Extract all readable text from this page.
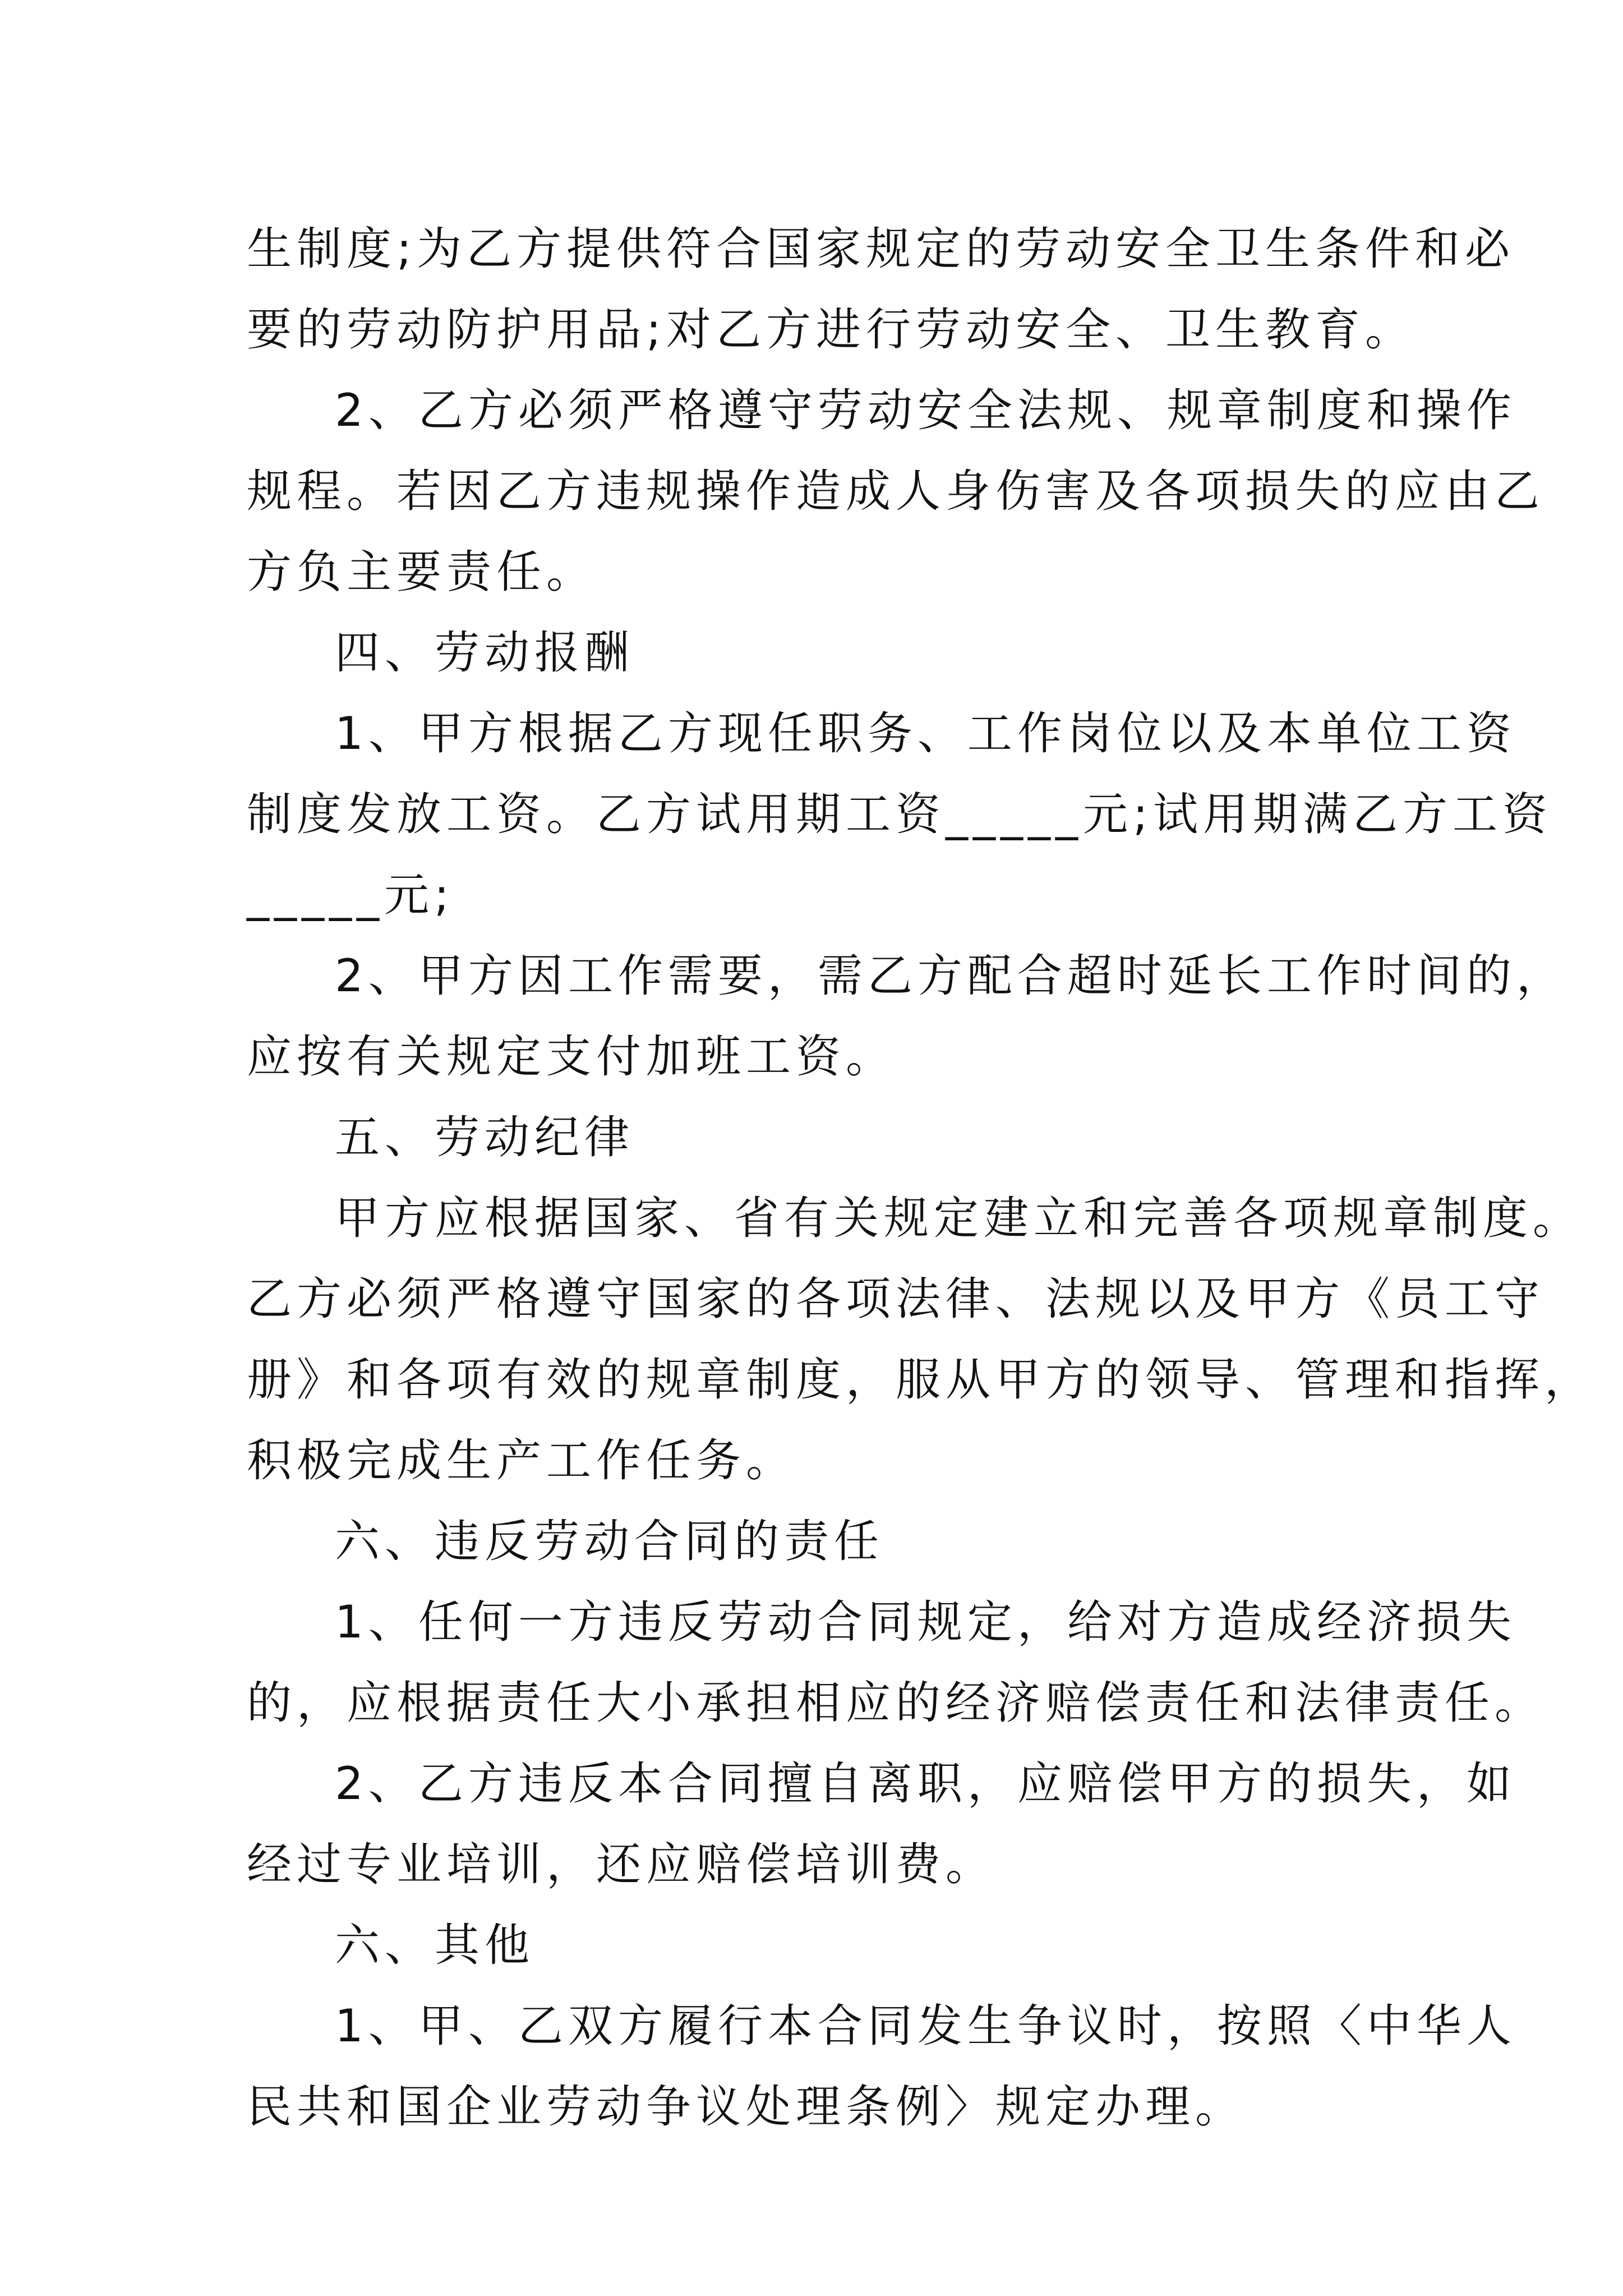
生制度;为乙方提供符合国家规定的劳动安全卫生条件和必
要的劳动防护用品;对乙方进行劳动安全、卫生教育。
2、乙方必须严格遵守劳动安全法规、规章制度和操作
规程。若因乙方违规操作造成人身伤害及各项损失的应由乙
方负主要责任。
四、劳动报酬
1、甲方根据乙方现任职务、工作岗位以及本单位工资
制度发放工资。乙方试用期工资_____元;试用期满乙方工资
_____元;
2、甲方因工作需要，需乙方配合超时延长工作时间的，
应按有关规定支付加班工资。
五、劳动纪律
甲方应根据国家、省有关规定建立和完善各项规章制度。
乙方必须严格遵守国家的各项法律、法规以及甲方《员工守
册》和各项有效的规章制度，服从甲方的领导、管理和指挥，
积极完成生产工作任务。
六、违反劳动合同的责任
1、任何一方违反劳动合同规定，给对方造成经济损失
的，应根据责任大小承担相应的经济赔偿责任和法律责任。
2、乙方违反本合同擅自离职，应赔偿甲方的损失，如
经过专业培训，还应赔偿培训费。
六、其他
1、甲、乙双方履行本合同发生争议时，按照〈中华人
民共和国企业劳动争议处理条例〉规定办理。
